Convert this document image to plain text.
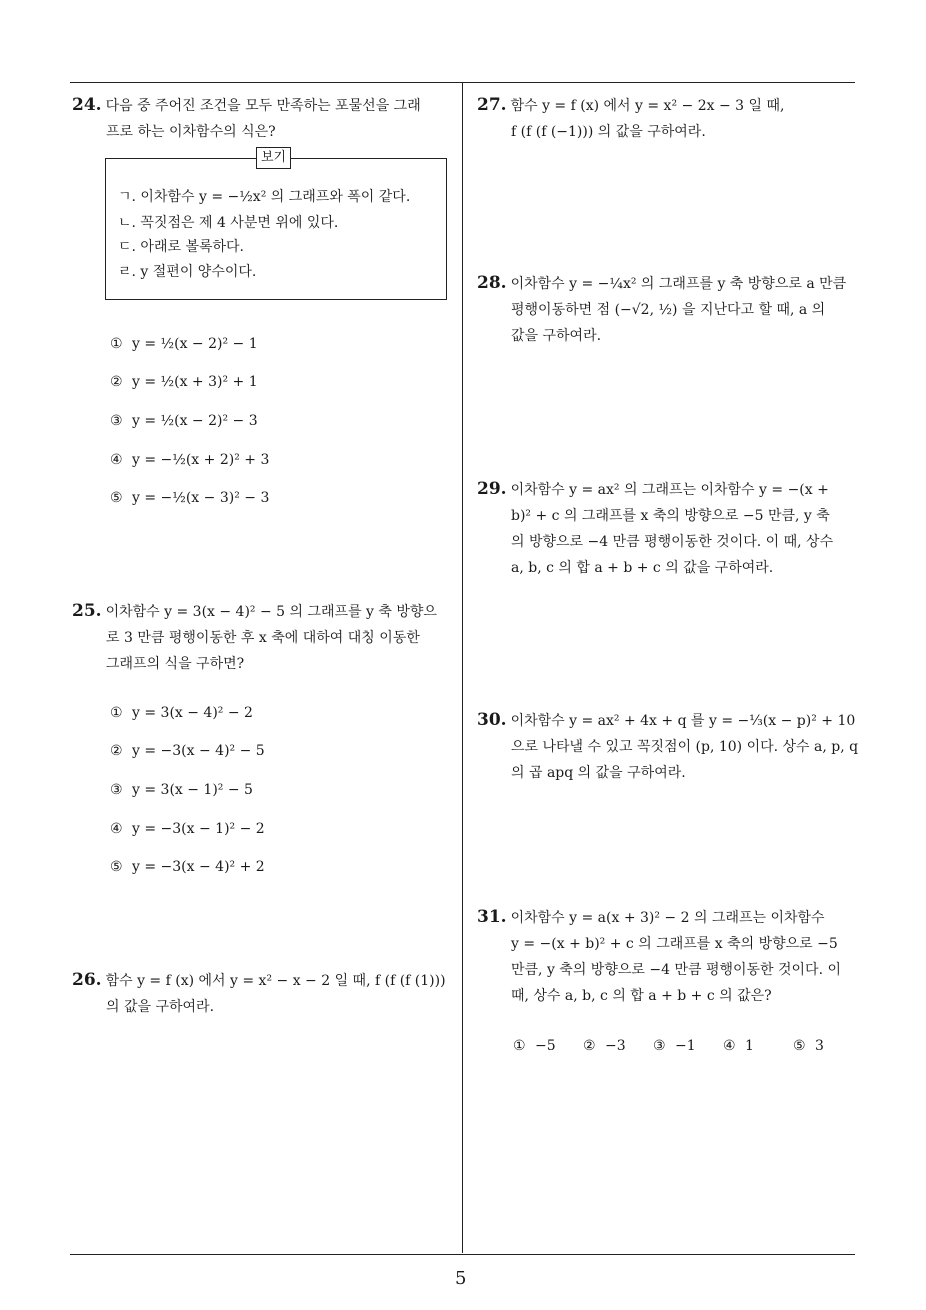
24. 다음 중 주어진 조건을 모두 만족하는 포물선을 그래
프로 하는 이차함수의 식은?
보기
ㄱ. 이차함수 y = −½x² 의 그래프와 폭이 같다.
ㄴ. 꼭짓점은 제 4 사분면 위에 있다.
ㄷ. 아래로 볼록하다.
ㄹ. y 절편이 양수이다.
① y = ½(x − 2)² − 1
② y = ½(x + 3)² + 1
③ y = ½(x − 2)² − 3
④ y = −½(x + 2)² + 3
⑤ y = −½(x − 3)² − 3
25. 이차함수 y = 3(x − 4)² − 5 의 그래프를 y 축 방향으
로 3 만큼 평행이동한 후 x 축에 대하여 대칭 이동한
그래프의 식을 구하면?
① y = 3(x − 4)² − 2
② y = −3(x − 4)² − 5
③ y = 3(x − 1)² − 5
④ y = −3(x − 1)² − 2
⑤ y = −3(x − 4)² + 2
26. 함수 y = f (x) 에서 y = x² − x − 2 일 때, f (f (f (1)))
의 값을 구하여라.
27. 함수 y = f (x) 에서 y = x² − 2x − 3 일 때,
f (f (f (−1))) 의 값을 구하여라.
28. 이차함수 y = −¼x² 의 그래프를 y 축 방향으로 a 만큼
평행이동하면 점 (−√2, ½) 을 지난다고 할 때, a 의
값을 구하여라.
29. 이차함수 y = ax² 의 그래프는 이차함수 y = −(x +
b)² + c 의 그래프를 x 축의 방향으로 −5 만큼, y 축
의 방향으로 −4 만큼 평행이동한 것이다. 이 때, 상수
a, b, c 의 합 a + b + c 의 값을 구하여라.
30. 이차함수 y = ax² + 4x + q 를 y = −⅓(x − p)² + 10
으로 나타낼 수 있고 꼭짓점이 (p, 10) 이다. 상수 a, p, q
의 곱 apq 의 값을 구하여라.
31. 이차함수 y = a(x + 3)² − 2 의 그래프는 이차함수
y = −(x + b)² + c 의 그래프를 x 축의 방향으로 −5
만큼, y 축의 방향으로 −4 만큼 평행이동한 것이다. 이
때, 상수 a, b, c 의 합 a + b + c 의 값은?
① −5 ② −3 ③ −1 ④ 1	⑤ 3
5
